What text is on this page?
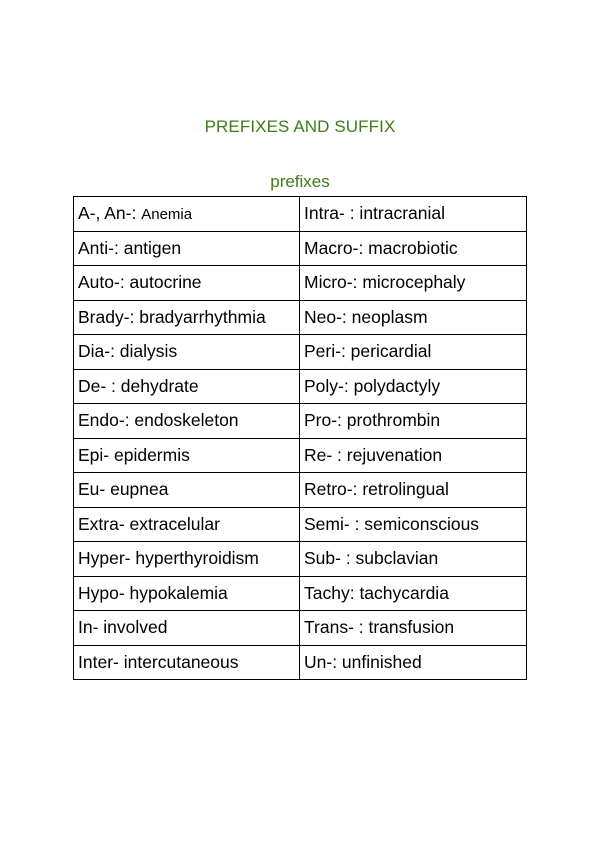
PREFIXES AND SUFFIX
prefixes
A-, An-: Anemia	Intra- : intracranial
Anti-: antigen	Macro-: macrobiotic
Auto-: autocrine	Micro-: microcephaly
Brady-: bradyarrhythmia	Neo-: neoplasm
Dia-: dialysis	Peri-: pericardial
De- : dehydrate	Poly-: polydactyly
Endo-: endoskeleton	Pro-: prothrombin
Epi- epidermis	Re- : rejuvenation
Eu- eupnea	Retro-: retrolingual
Extra- extracelular	Semi- : semiconscious
Hyper- hyperthyroidism	Sub- : subclavian
Hypo- hypokalemia	Tachy: tachycardia
In- involved	Trans- : transfusion
Inter- intercutaneous	Un-: unfinished
